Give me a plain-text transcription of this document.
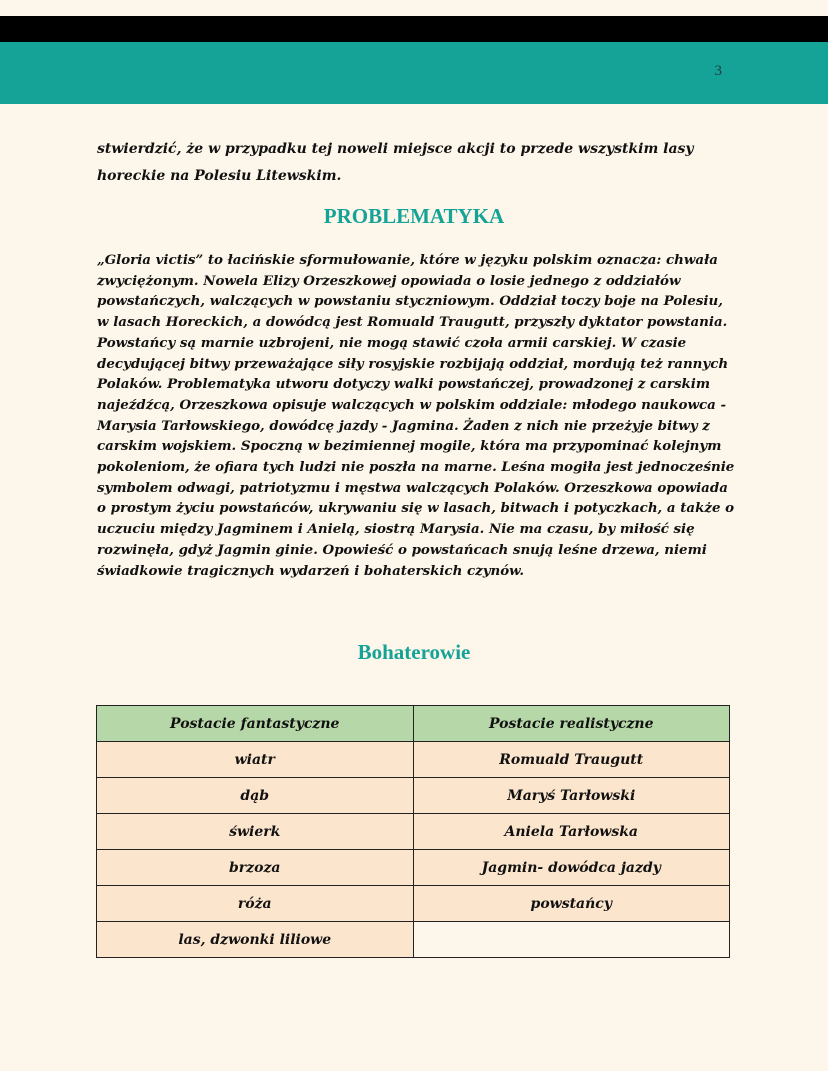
3
stwierdzić, że w przypadku tej noweli miejsce akcji to przede wszystkim lasy horeckie na Polesiu Litewskim.
PROBLEMATYKA
„Gloria victis” to łacińskie sformułowanie, które w języku polskim oznacza: chwała zwyciężonym. Nowela Elizy Orzeszkowej opowiada o losie jednego z oddziałów powstańczych, walczących w powstaniu styczniowym. Oddział toczy boje na Polesiu, w lasach Horeckich, a dowódcą jest Romuald Traugutt, przyszły dyktator powstania. Powstańcy są marnie uzbrojeni, nie mogą stawić czoła armii carskiej. W czasie decydującej bitwy przeważające siły rosyjskie rozbijają oddział, mordują też rannych Polaków. Problematyka utworu dotyczy walki powstańczej, prowadzonej z carskim najeźdźcą, Orzeszkowa opisuje walczących w polskim oddziale: młodego naukowca - Marysia Tarłowskiego, dowódcę jazdy - Jagmina. Żaden z nich nie przeżyje bitwy z carskim wojskiem. Spoczną w bezimiennej mogile, która ma przypominać kolejnym pokoleniom, że ofiara tych ludzi nie poszła na marne. Leśna mogiła jest jednocześnie symbolem odwagi, patriotyzmu i męstwa walczących Polaków. Orzeszkowa opowiada o prostym życiu powstańców, ukrywaniu się w lasach, bitwach i potyczkach, a także o uczuciu między Jagminem i Anielą, siostrą Marysia. Nie ma czasu, by miłość się rozwinęła, gdyż Jagmin ginie. Opowieść o powstańcach snują leśne drzewa, niemi świadkowie tragicznych wydarzeń i bohaterskich czynów.
Bohaterowie
Postacie fantastyczne	Postacie realistyczne
wiatr	Romuald Traugutt
dąb	Maryś Tarłowski
świerk	Aniela Tarłowska
brzoza	Jagmin- dowódca jazdy
róża	powstańcy
las, dzwonki liliowe	
